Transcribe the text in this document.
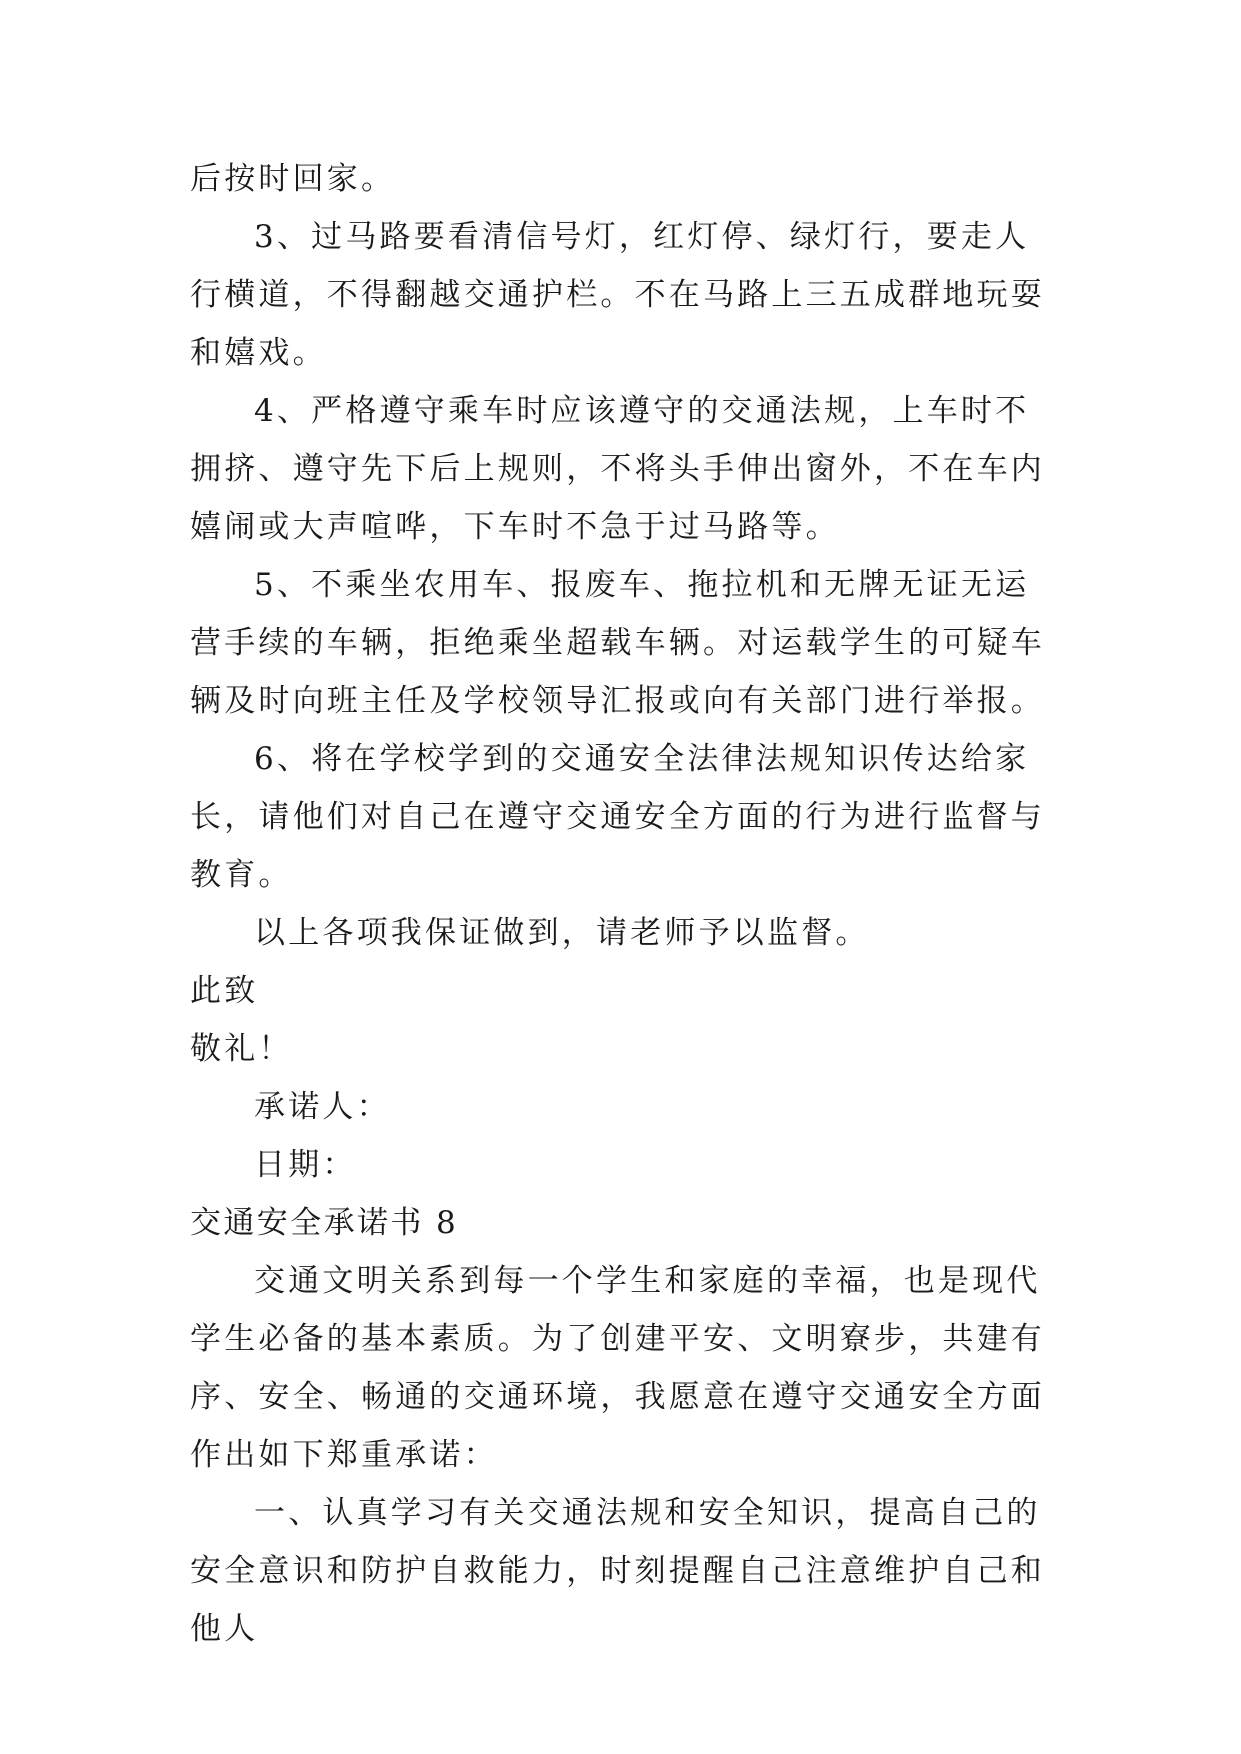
后按时回家。

3、过马路要看清信号灯，红灯停、绿灯行，要走人行横道，不得翻越交通护栏。不在马路上三五成群地玩耍和嬉戏。

4、严格遵守乘车时应该遵守的交通法规，上车时不拥挤、遵守先下后上规则，不将头手伸出窗外，不在车内嬉闹或大声喧哗，下车时不急于过马路等。

5、不乘坐农用车、报废车、拖拉机和无牌无证无运营手续的车辆，拒绝乘坐超载车辆。对运载学生的可疑车辆及时向班主任及学校领导汇报或向有关部门进行举报。

6、将在学校学到的交通安全法律法规知识传达给家长，请他们对自己在遵守交通安全方面的行为进行监督与教育。

以上各项我保证做到，请老师予以监督。

此致

敬礼！

承诺人：

日期：

交通安全承诺书 8

交通文明关系到每一个学生和家庭的幸福，也是现代学生必备的基本素质。为了创建平安、文明寮步，共建有序、安全、畅通的交通环境，我愿意在遵守交通安全方面作出如下郑重承诺：

一、认真学习有关交通法规和安全知识，提高自己的安全意识和防护自救能力，时刻提醒自己注意维护自己和他人
